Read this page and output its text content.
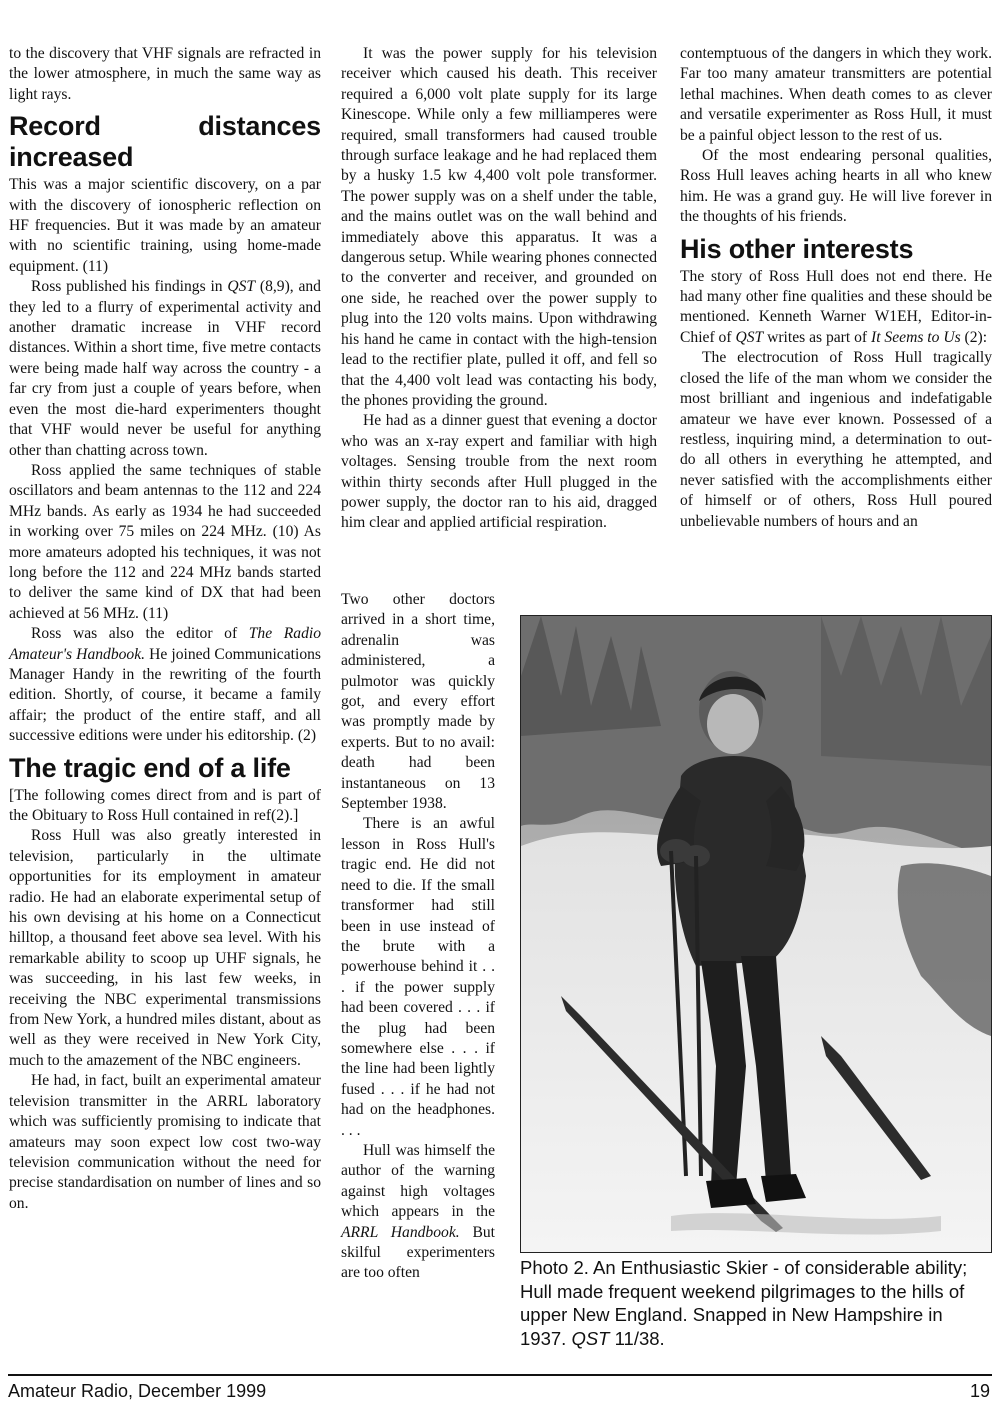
to the discovery that VHF signals are refracted in the lower atmosphere, in much the same way as light rays.

Record distances increased

This was a major scientific discovery, on a par with the discovery of ionospheric reflection on HF frequencies. But it was made by an amateur with no scientific training, using home-made equipment. (11)

Ross published his findings in QST (8,9), and they led to a flurry of experimental activity and another dramatic increase in VHF record distances. Within a short time, five metre contacts were being made half way across the country - a far cry from just a couple of years before, when even the most die-hard experimenters thought that VHF would never be useful for anything other than chatting across town.

Ross applied the same techniques of stable oscillators and beam antennas to the 112 and 224 MHz bands. As early as 1934 he had succeeded in working over 75 miles on 224 MHz. (10) As more amateurs adopted his techniques, it was not long before the 112 and 224 MHz bands started to deliver the same kind of DX that had been achieved at 56 MHz. (11)

Ross was also the editor of The Radio Amateur's Handbook. He joined Communications Manager Handy in the rewriting of the fourth edition. Shortly, of course, it became a family affair; the product of the entire staff, and all successive editions were under his editorship. (2)

The tragic end of a life

[The following comes direct from and is part of the Obituary to Ross Hull contained in ref(2).]

Ross Hull was also greatly interested in television, particularly in the ultimate opportunities for its employment in amateur radio. He had an elaborate experimental setup of his own devising at his home on a Connecticut hilltop, a thousand feet above sea level. With his remarkable ability to scoop up UHF signals, he was succeeding, in his last few weeks, in receiving the NBC experimental transmissions from New York, a hundred miles distant, about as well as they were received in New York City, much to the amazement of the NBC engineers.

He had, in fact, built an experimental amateur television transmitter in the ARRL laboratory which was sufficiently promising to indicate that amateurs may soon expect low cost two-way television communication without the need for precise standardisation on number of lines and so on.

It was the power supply for his television receiver which caused his death. This receiver required a 6,000 volt plate supply for its large Kinescope. While only a few milliamperes were required, small transformers had caused trouble through surface leakage and he had replaced them by a husky 1.5 kw 4,400 volt pole transformer. The power supply was on a shelf under the table, and the mains outlet was on the wall behind and immediately above this apparatus. It was a dangerous setup. While wearing phones connected to the converter and receiver, and grounded on one side, he reached over the power supply to plug into the 120 volts mains. Upon withdrawing his hand he came in contact with the high-tension lead to the rectifier plate, pulled it off, and fell so that the 4,400 volt lead was contacting his body, the phones providing the ground.

He had as a dinner guest that evening a doctor who was an x-ray expert and familiar with high voltages. Sensing trouble from the next room within thirty seconds after Hull plugged in the power supply, the doctor ran to his aid, dragged him clear and applied artificial respiration.

Two other doctors arrived in a short time, adrenalin was administered, a pulmotor was quickly got, and every effort was promptly made by experts. But to no avail: death had been instantaneous on 13 September 1938.

There is an awful lesson in Ross Hull's tragic end. He did not need to die. If the small transformer had still been in use instead of the brute with a powerhouse behind it . . . if the power supply had been covered . . . if the plug had been somewhere else . . . if the line had been lightly fused . . . if he had not had on the headphones. . . .

Hull was himself the author of the warning against high voltages which appears in the ARRL Handbook. But skilful experimenters are too often

contemptuous of the dangers in which they work. Far too many amateur transmitters are potential lethal machines. When death comes to as clever and versatile experimenter as Ross Hull, it must be a painful object lesson to the rest of us.

Of the most endearing personal qualities, Ross Hull leaves aching hearts in all who knew him. He was a grand guy. He will live forever in the thoughts of his friends.

His other interests

The story of Ross Hull does not end there. He had many other fine qualities and these should be mentioned. Kenneth Warner W1EH, Editor-in-Chief of QST writes as part of It Seems to Us (2):

The electrocution of Ross Hull tragically closed the life of the man whom we consider the most brilliant and ingenious and indefatigable amateur we have ever known. Possessed of a restless, inquiring mind, a determination to out-do all others in everything he attempted, and never satisfied with the accomplishments either of himself or of others, Ross Hull poured unbelievable numbers of hours and an

Photo 2. An Enthusiastic Skier - of considerable ability; Hull made frequent weekend pilgrimages to the hills of upper New England. Snapped in New Hampshire in 1937. QST 11/38.
Amateur Radio, December 1999	19
